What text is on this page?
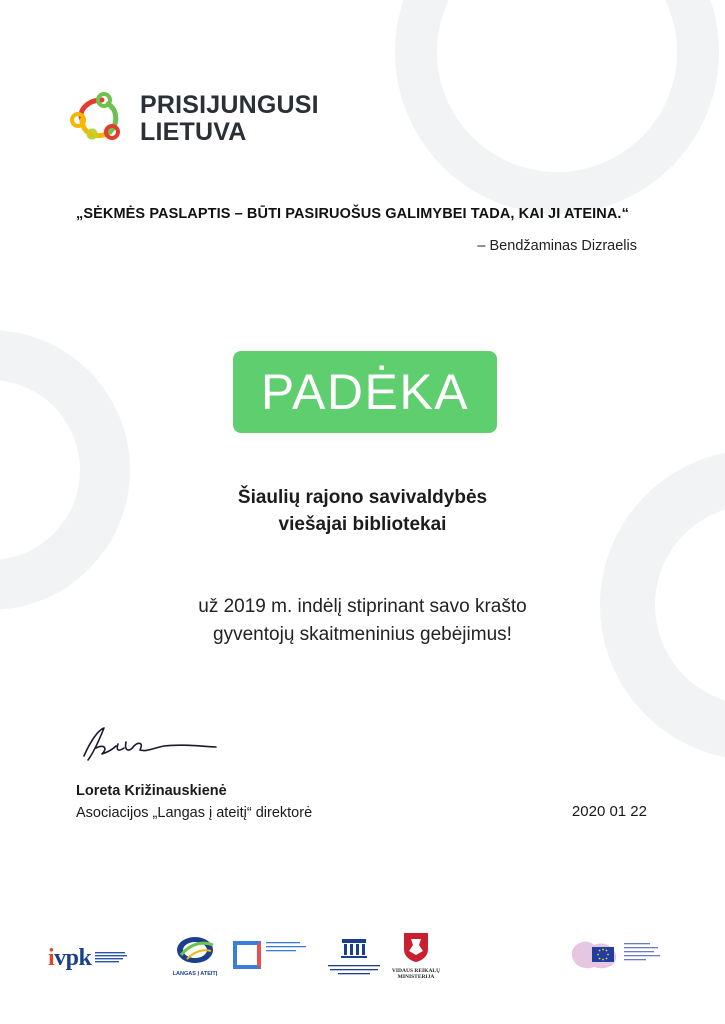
PRISIJUNGUSI
LIETUVA
„SĖKMĖS PASLAPTIS – BŪTI PASIRUOŠUS GALIMYBEI TADA, KAI JI ATEINA.“
– Bendžaminas Dizraelis
PADĖKA
Šiaulių rajono savivaldybės
viešajai bibliotekai
už 2019 m. indėlį stiprinant savo krašto
gyventojų skaitmeninius gebėjimus!
Loreta Križinauskienė
Asociacijos „Langas į ateitį“ direktorė	2020 01 22
ivpk
LANGAS Į ATEITĮ	VIDAUS REIKALŲ MINISTERIJA
